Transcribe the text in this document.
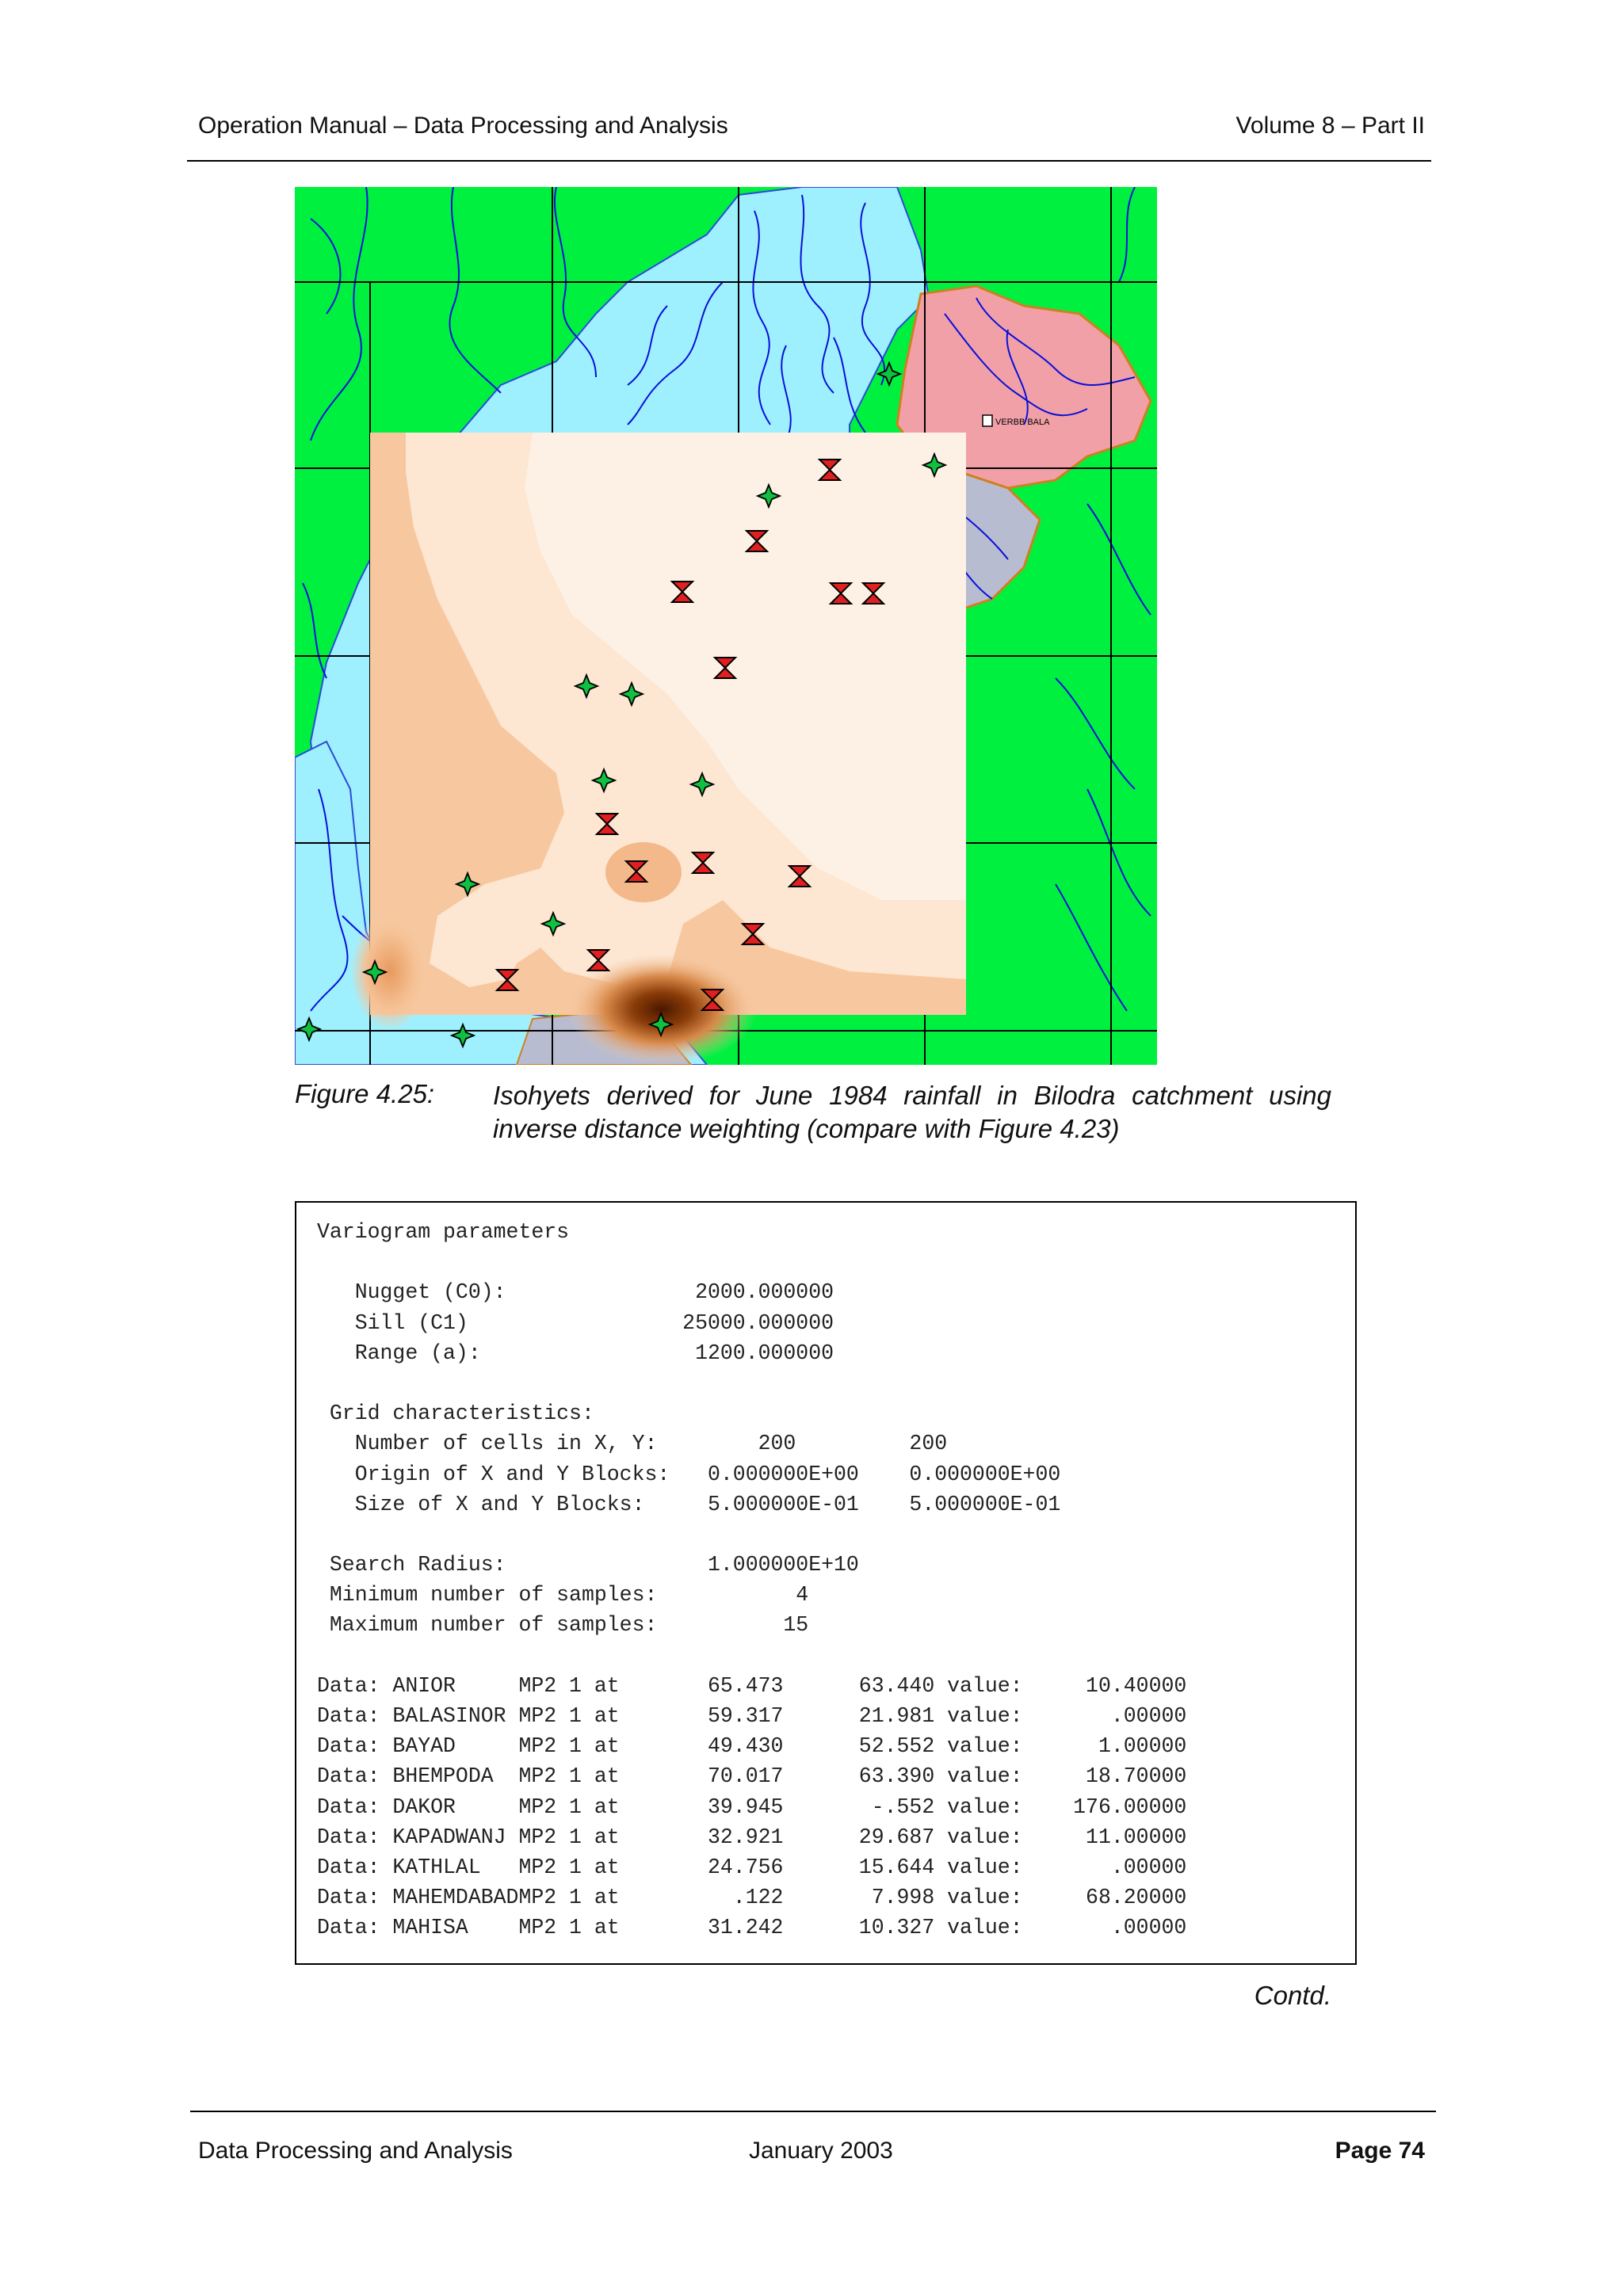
Operation Manual – Data Processing and Analysis	Volume 8 – Part II
VERBB BALA
Figure 4.25: Isohyets derived for June 1984 rainfall in Bilodra catchment using inverse distance weighting (compare with Figure 4.23)
Variogram parameters
Nugget (C0):               2000.000000
Sill (C1)                 25000.000000
Range (a):                 1200.000000
Grid characteristics:
Number of cells in X, Y:        200         200
Origin of X and Y Blocks:   0.000000E+00    0.000000E+00
Size of X and Y Blocks:     5.000000E-01    5.000000E-01
Search Radius:                1.000000E+10
Minimum number of samples:           4
Maximum number of samples:          15
Data: ANIOR     MP2 1 at       65.473      63.440 value:     10.40000
Data: BALASINOR MP2 1 at       59.317      21.981 value:       .00000
Data: BAYAD     MP2 1 at       49.430      52.552 value:      1.00000
Data: BHEMPODA  MP2 1 at       70.017      63.390 value:     18.70000
Data: DAKOR     MP2 1 at       39.945       -.552 value:    176.00000
Data: KAPADWANJ MP2 1 at       32.921      29.687 value:     11.00000
Data: KATHLAL   MP2 1 at       24.756      15.644 value:       .00000
Data: MAHEMDABADMP2 1 at         .122       7.998 value:     68.20000
Data: MAHISA    MP2 1 at       31.242      10.327 value:       .00000
Contd.
Data Processing and Analysis	January 2003	Page 74
